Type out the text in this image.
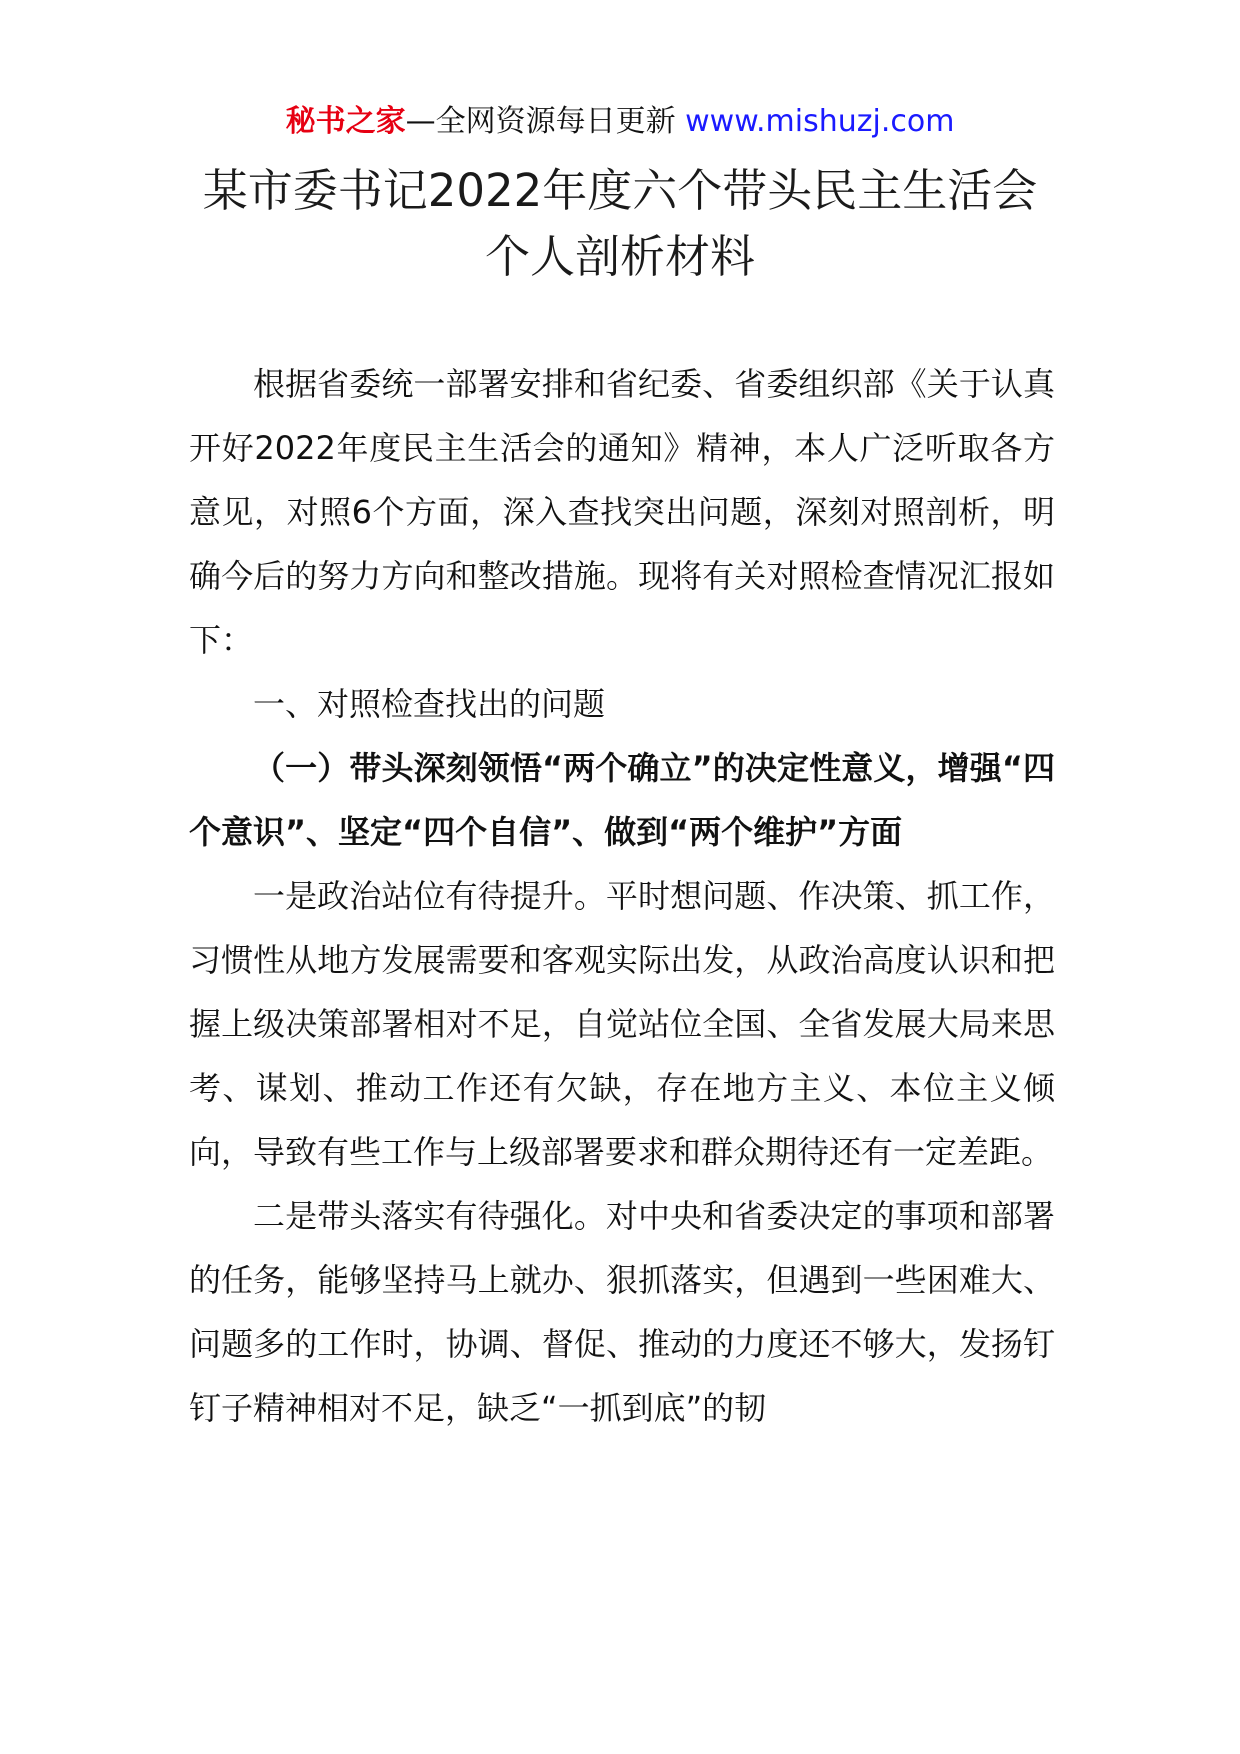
秘书之家—全网资源每日更新 www.mishuzj.com
某市委书记2022年度六个带头民主生活会
个人剖析材料

根据省委统一部署安排和省纪委、省委组织部《关于认真开好2022年度民主生活会的通知》精神，本人广泛听取各方意见，对照6个方面，深入查找突出问题，深刻对照剖析，明确今后的努力方向和整改措施。现将有关对照检查情况汇报如下：

一、对照检查找出的问题

（一）带头深刻领悟“两个确立”的决定性意义，增强“四个意识”、坚定“四个自信”、做到“两个维护”方面

一是政治站位有待提升。平时想问题、作决策、抓工作，习惯性从地方发展需要和客观实际出发，从政治高度认识和把握上级决策部署相对不足，自觉站位全国、全省发展大局来思考、谋划、推动工作还有欠缺，存在地方主义、本位主义倾向，导致有些工作与上级部署要求和群众期待还有一定差距。

二是带头落实有待强化。对中央和省委决定的事项和部署的任务，能够坚持马上就办、狠抓落实，但遇到一些困难大、问题多的工作时，协调、督促、推动的力度还不够大，发扬钉钉子精神相对不足，缺乏“一抓到底”的韧
